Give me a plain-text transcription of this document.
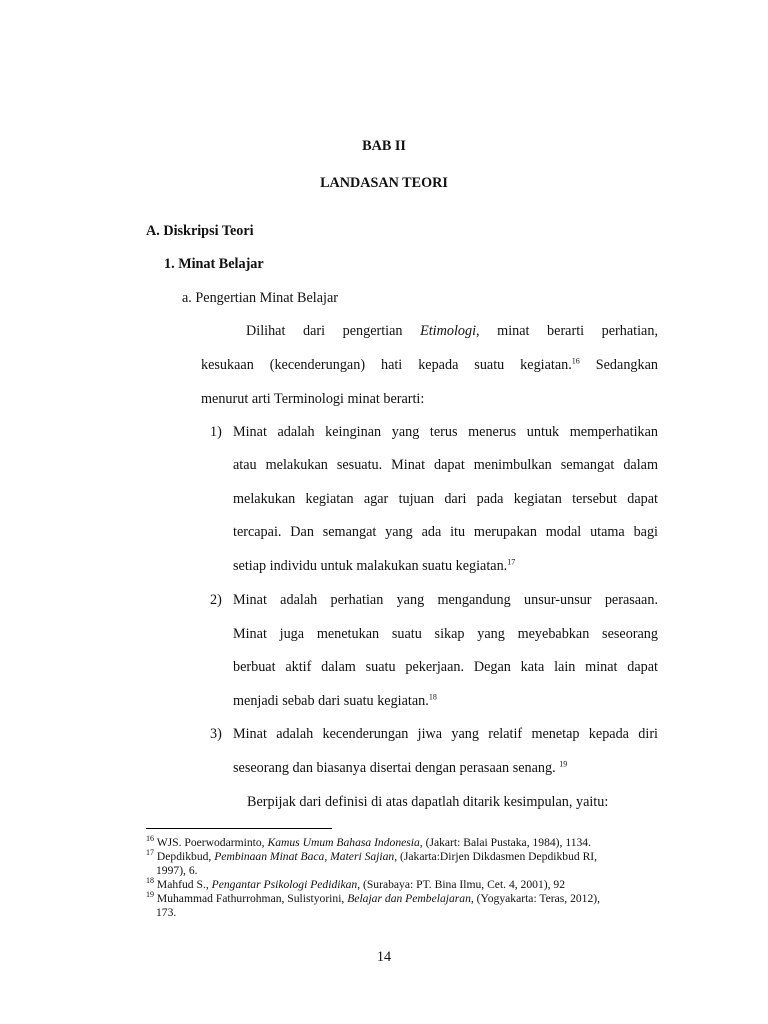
BAB II
LANDASAN TEORI
A. Diskripsi Teori
1. Minat Belajar
a. Pengertian Minat Belajar
Dilihat dari pengertian Etimologi, minat berarti perhatian,
kesukaan (kecenderungan) hati kepada suatu kegiatan.$^{16}$ Sedangkan
menurut arti Terminologi minat berarti:
1) Minat adalah keinginan yang terus menerus untuk memperhatikan
atau melakukan sesuatu. Minat dapat menimbulkan semangat dalam
melakukan kegiatan agar tujuan dari pada kegiatan tersebut dapat
tercapai. Dan semangat yang ada itu merupakan modal utama bagi
setiap individu untuk malakukan suatu kegiatan.$^{17}$
2) Minat adalah perhatian yang mengandung unsur-unsur perasaan.
Minat juga menetukan suatu sikap yang meyebabkan seseorang
berbuat aktif dalam suatu pekerjaan. Degan kata lain minat dapat
menjadi sebab dari suatu kegiatan.$^{18}$
3) Minat adalah kecenderungan jiwa yang relatif menetap kepada diri
seseorang dan biasanya disertai dengan perasaan senang. $^{19}$
Berpijak dari definisi di atas dapatlah ditarik kesimpulan, yaitu:
$^{16}$ WJS. Poerwodarminto, Kamus Umum Bahasa Indonesia, (Jakart: Balai Pustaka, 1984), 1134.
$^{17}$ Depdikbud, Pembinaan Minat Baca, Materi Sajian, (Jakarta:Dirjen Dikdasmen Depdikbud RI,
1997), 6.
$^{18}$ Mahfud S., Pengantar Psikologi Pedidikan, (Surabaya: PT. Bina Ilmu, Cet. 4, 2001), 92
$^{19}$ Muhammad Fathurrohman, Sulistyorini, Belajar dan Pembelajaran, (Yogyakarta: Teras, 2012),
173.
14
